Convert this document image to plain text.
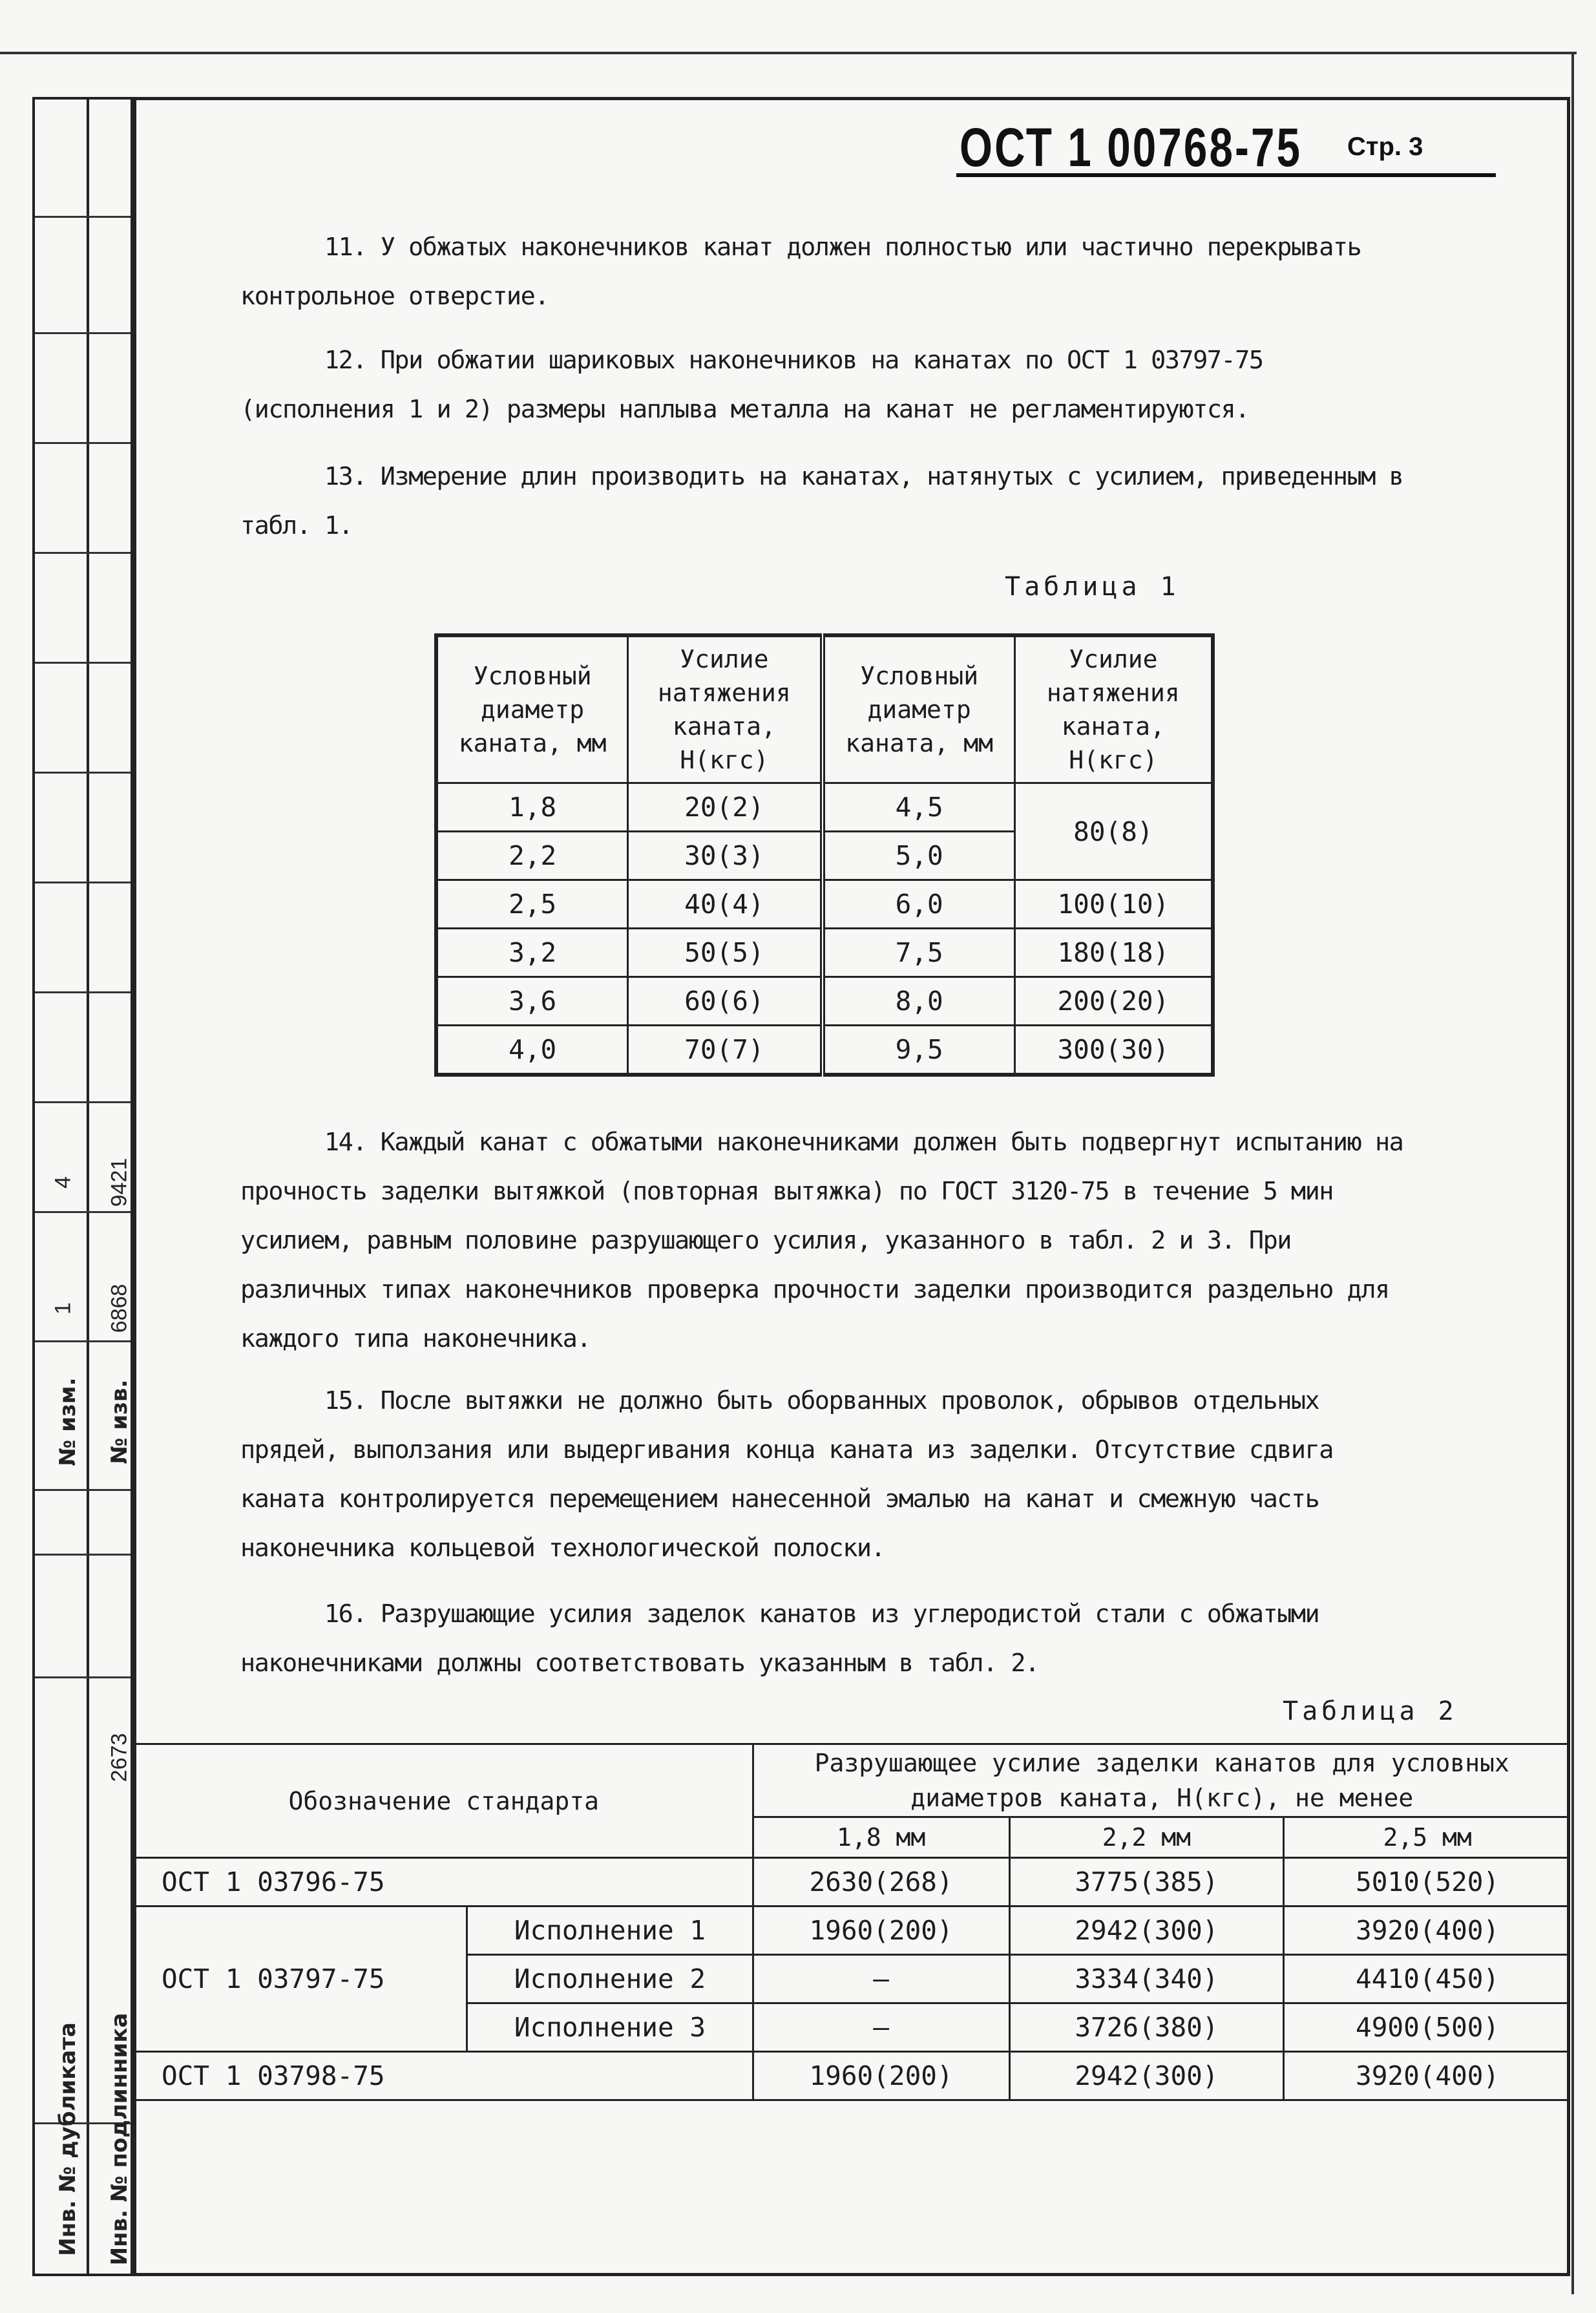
4 9421
1 6868
№ изм. № изв.
2673
Инв. № дубликата Инв. № подлинника
ОСТ 1 00768-75 Стр. 3
11. У обжатых наконечников канат должен полностью или частично перекрывать контрольное отверстие.
12. При обжатии шариковых наконечников на канатах по ОСТ 1 03797-75 (исполнения 1 и 2) размеры наплыва металла на канат не регламентируются.
13. Измерение длин производить на канатах, натянутых с усилием, приведенным в табл. 1.
Таблица 1
Условный диаметр каната, мм	Усилие натяжения каната, Н(кгс)	Условный диаметр каната, мм	Усилие натяжения каната, Н(кгс)
1,8	20(2)	4,5	80(8)
2,2	30(3)	5,0	
2,5	40(4)	6,0	100(10)
3,2	50(5)	7,5	180(18)
3,6	60(6)	8,0	200(20)
4,0	70(7)	9,5	300(30)
14. Каждый канат с обжатыми наконечниками должен быть подвергнут испытанию на прочность заделки вытяжкой (повторная вытяжка) по ГОСТ 3120-75 в течение 5 мин усилием, равным половине разрушающего усилия, указанного в табл. 2 и 3. При различных типах наконечников проверка прочности заделки производится раздельно для каждого типа наконечника.
15. После вытяжки не должно быть оборванных проволок, обрывов отдельных прядей, выползания или выдергивания конца каната из заделки. Отсутствие сдвига каната контролируется перемещением нанесенной эмалью на канат и смежную часть наконечника кольцевой технологической полоски.
16. Разрушающие усилия заделок канатов из углеродистой стали с обжатыми наконечниками должны соответствовать указанным в табл. 2.
Таблица 2
Обозначение стандарта		Разрушающее усилие заделки канатов для условных диаметров каната, Н(кгс), не менее		
		1,8 мм	2,2 мм	2,5 мм
ОСТ 1 03796-75		2630(268)	3775(385)	5010(520)
ОСТ 1 03797-75	Исполнение 1	1960(200)	2942(300)	3920(400)
	Исполнение 2	–	3334(340)	4410(450)
	Исполнение 3	–	3726(380)	4900(500)
ОСТ 1 03798-75		1960(200)	2942(300)	3920(400)
